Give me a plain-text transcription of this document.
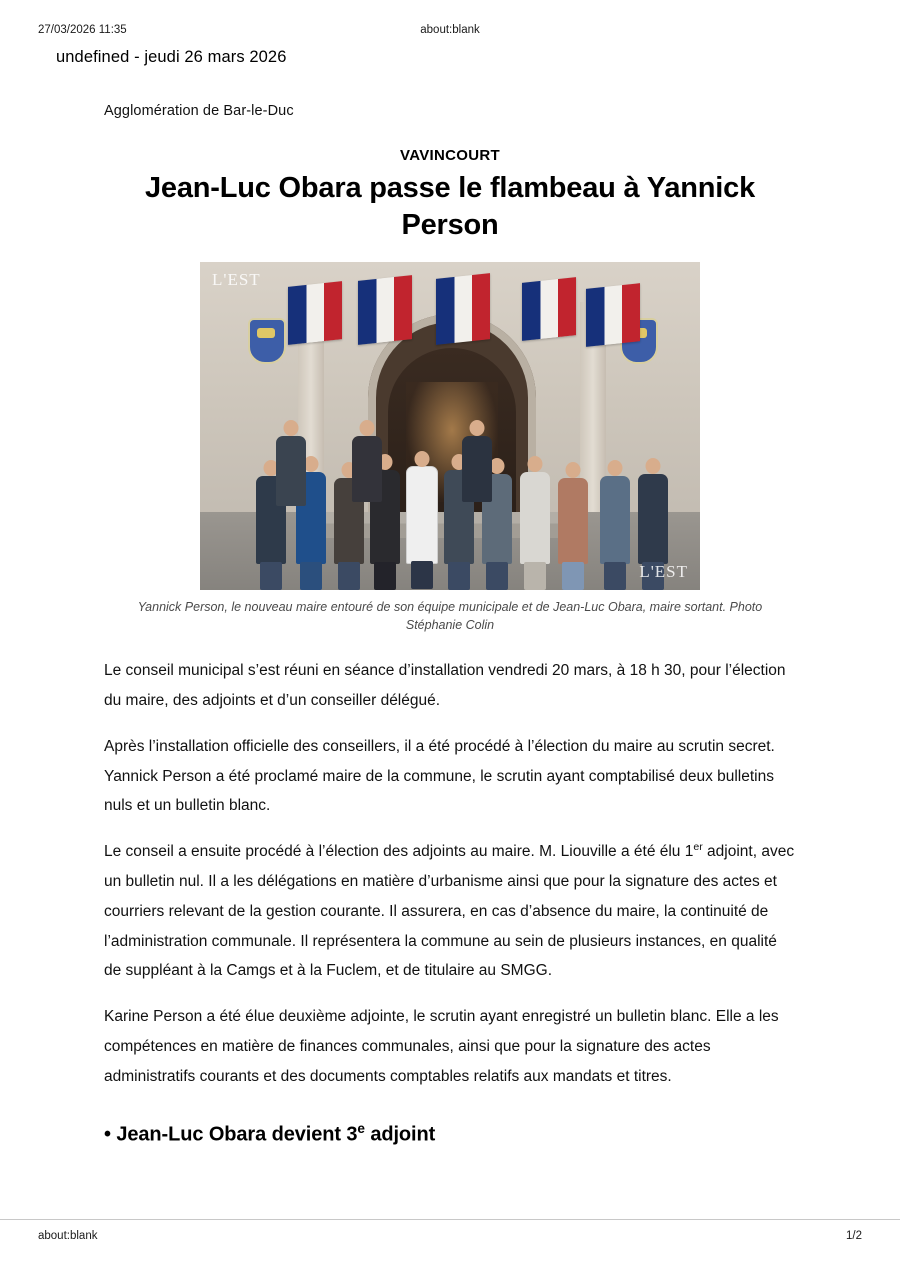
27/03/2026 11:35	about:blank
undefined - jeudi 26 mars 2026
Agglomération de Bar-le-Duc
VAVINCOURT
Jean-Luc Obara passe le flambeau à Yannick Person
L'EST
L'EST
Yannick Person, le nouveau maire entouré de son équipe municipale et de Jean-Luc Obara, maire sortant. Photo Stéphanie Colin

Le conseil municipal s’est réuni en séance d’installation vendredi 20 mars, à 18 h 30, pour l’élection du maire, des adjoints et d’un conseiller délégué.

Après l’installation officielle des conseillers, il a été procédé à l’élection du maire au scrutin secret. Yannick Person a été proclamé maire de la commune, le scrutin ayant comptabilisé deux bulletins nuls et un bulletin blanc.

Le conseil a ensuite procédé à l’élection des adjoints au maire. M. Liouville a été élu 1er adjoint, avec un bulletin nul. Il a les délégations en matière d’urbanisme ainsi que pour la signature des actes et courriers relevant de la gestion courante. Il assurera, en cas d’absence du maire, la continuité de l’administration communale. Il représentera la commune au sein de plusieurs instances, en qualité de suppléant à la Camgs et à la Fuclem, et de titulaire au SMGG.

Karine Person a été élue deuxième adjointe, le scrutin ayant enregistré un bulletin blanc. Elle a les compétences en matière de finances communales, ainsi que pour la signature des actes administratifs courants et des documents comptables relatifs aux mandats et titres.

• Jean-Luc Obara devient 3e adjoint
about:blank	1/2
